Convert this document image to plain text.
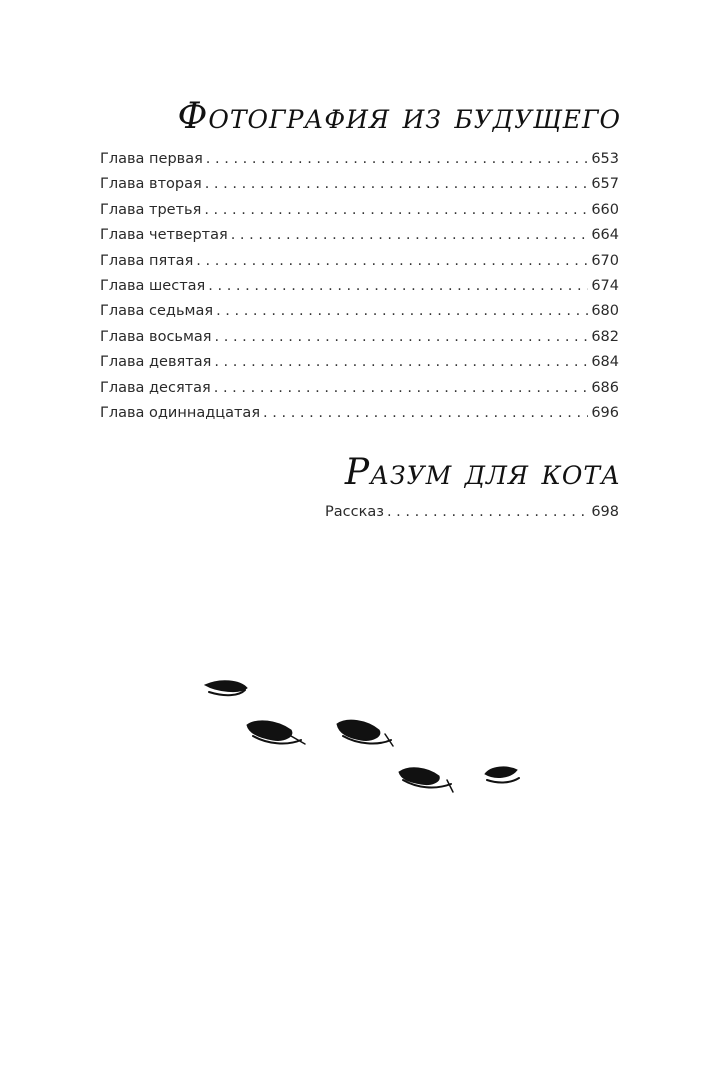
Фотография из будущего
Глава первая . . .	653
Глава вторая . . .	657
Глава третья . . .	660
Глава четвертая . . .	664
Глава пятая . . .	670
Глава шестая . . .	674
Глава седьмая . . .	680
Глава восьмая . . .	682
Глава девятая . . .	684
Глава десятая . . .	686
Глава одиннадцатая . . .	696
Разум для кота
Рассказ . . .	698
